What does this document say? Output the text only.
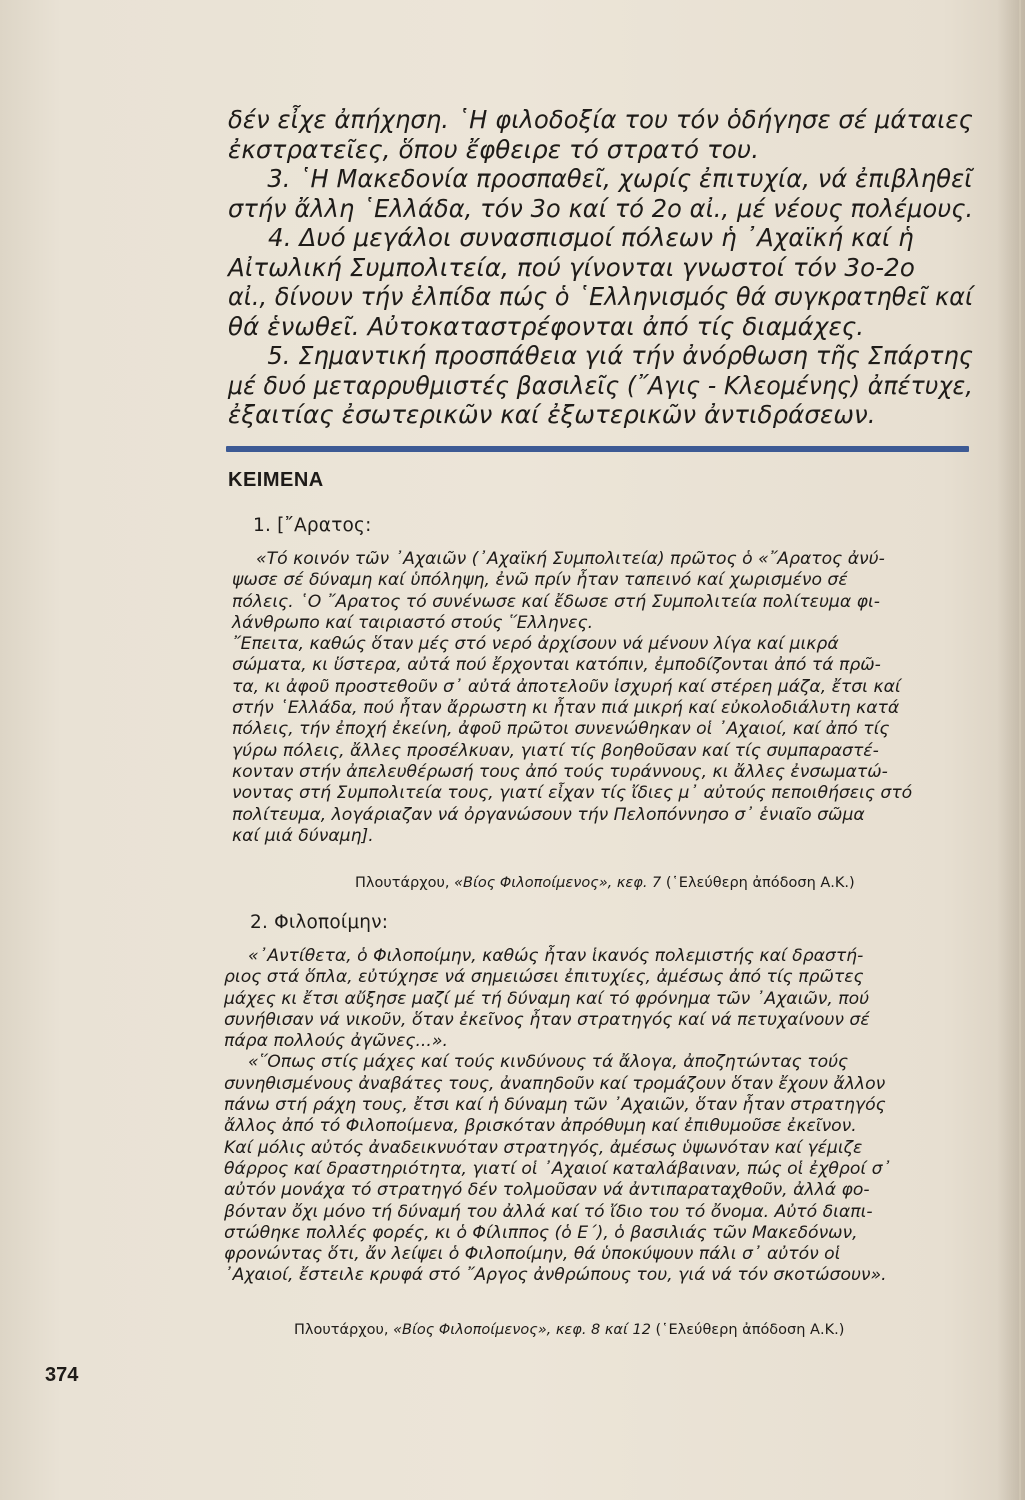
δέν εἶχε ἀπήχηση. ῾Η φιλοδοξία του τόν ὁδήγησε σέ μάταιες

ἐκστρατεῖες, ὅπου ἔφθειρε τό στρατό του.

3. ῾Η Μακεδονία προσπαθεῖ, χωρίς ἐπιτυχία, νά ἐπιβληθεῖ

στήν ἄλλη ῾Ελλάδα, τόν 3ο καί τό 2ο αἰ., μέ νέους πολέμους.

4. Δυό μεγάλοι συνασπισμοί πόλεων ἡ ᾿Αχαϊκή καί ἡ

Αἰτωλική Συμπολιτεία, πού γίνονται γνωστοί τόν 3ο-2ο

αἰ., δίνουν τήν ἐλπίδα πώς ὁ ῾Ελληνισμός θά συγκρατηθεῖ καί

θά ἑνωθεῖ. Αὐτοκαταστρέφονται ἀπό τίς διαμάχες.

5. Σημαντική προσπάθεια γιά τήν ἀνόρθωση τῆς Σπάρτης

μέ δυό μεταρρυθμιστές βασιλεῖς (῎Αγις - Κλεομένης) ἀπέτυχε,

ἐξαιτίας ἐσωτερικῶν καί ἐξωτερικῶν ἀντιδράσεων.

ΚΕΙΜΕΝΑ
1. [῎Αρατος:

«Τό κοινόν τῶν ᾿Αχαιῶν (᾿Αχαϊκή Συμπολιτεία) πρῶτος ὁ «῎Αρατος ἀνύ-

ψωσε σέ δύναμη καί ὑπόληψη, ἐνῶ πρίν ἦταν ταπεινό καί χωρισμένο σέ

πόλεις. ῾Ο ῎Αρατος τό συνένωσε καί ἔδωσε στή Συμπολιτεία πολίτευμα φι-

λάνθρωπο καί ταιριαστό στούς ῞Ελληνες.

῎Επειτα, καθώς ὅταν μές στό νερό ἀρχίσουν νά μένουν λίγα καί μικρά

σώματα, κι ὕστερα, αὐτά πού ἔρχονται κατόπιν, ἐμποδίζονται ἀπό τά πρῶ-

τα, κι ἀφοῦ προστεθοῦν σ᾿ αὐτά ἀποτελοῦν ἰσχυρή καί στέρεη μάζα, ἔτσι καί

στήν ῾Ελλάδα, πού ἦταν ἄρρωστη κι ἦταν πιά μικρή καί εὐκολοδιάλυτη κατά

πόλεις, τήν ἐποχή ἐκείνη, ἀφοῦ πρῶτοι συνενώθηκαν οἱ ᾿Αχαιοί, καί ἀπό τίς

γύρω πόλεις, ἄλλες προσέλκυαν, γιατί τίς βοηθοῦσαν καί τίς συμπαραστέ-

κονταν στήν ἀπελευθέρωσή τους ἀπό τούς τυράννους, κι ἄλλες ἐνσωματώ-

νοντας στή Συμπολιτεία τους, γιατί εἶχαν τίς ἴδιες μ᾿ αὐτούς πεποιθήσεις στό

πολίτευμα, λογάριαζαν νά ὀργανώσουν τήν Πελοπόννησο σ᾿ ἑνιαῖο σῶμα

καί μιά δύναμη].

Πλουτάρχου, «Βίος Φιλοποίμενος», κεφ. 7 (῾Ελεύθερη ἀπόδοση Α.Κ.)
2. Φιλοποίμην:

«᾿Αντίθετα, ὁ Φιλοποίμην, καθώς ἦταν ἱκανός πολεμιστής καί δραστή-

ριος στά ὅπλα, εὐτύχησε νά σημειώσει ἐπιτυχίες, ἀμέσως ἀπό τίς πρῶτες

μάχες κι ἔτσι αὔξησε μαζί μέ τή δύναμη καί τό φρόνημα τῶν ᾿Αχαιῶν, πού

συνήθισαν νά νικοῦν, ὅταν ἐκεῖνος ἦταν στρατηγός καί νά πετυχαίνουν σέ

πάρα πολλούς ἀγῶνες...».

«῞Οπως στίς μάχες καί τούς κινδύνους τά ἄλογα, ἀποζητώντας τούς

συνηθισμένους ἀναβάτες τους, ἀναπηδοῦν καί τρομάζουν ὅταν ἔχουν ἄλλον

πάνω στή ράχη τους, ἔτσι καί ἡ δύναμη τῶν ᾿Αχαιῶν, ὅταν ἦταν στρατηγός

ἄλλος ἀπό τό Φιλοποίμενα, βρισκόταν ἀπρόθυμη καί ἐπιθυμοῦσε ἐκεῖνον.

Καί μόλις αὐτός ἀναδεικνυόταν στρατηγός, ἀμέσως ὑψωνόταν καί γέμιζε

θάρρος καί δραστηριότητα, γιατί οἱ ᾿Αχαιοί καταλάβαιναν, πώς οἱ ἐχθροί σ᾿

αὐτόν μονάχα τό στρατηγό δέν τολμοῦσαν νά ἀντιπαραταχθοῦν, ἀλλά φο-

βόνταν ὄχι μόνο τή δύναμή του ἀλλά καί τό ἴδιο του τό ὄνομα. Αὐτό διαπι-

στώθηκε πολλές φορές, κι ὁ Φίλιππος (ὁ Ε΄), ὁ βασιλιάς τῶν Μακεδόνων,

φρονώντας ὅτι, ἄν λείψει ὁ Φιλοποίμην, θά ὑποκύψουν πάλι σ᾿ αὐτόν οἱ

᾿Αχαιοί, ἔστειλε κρυφά στό ῎Αργος ἀνθρώπους του, γιά νά τόν σκοτώσουν».

Πλουτάρχου, «Βίος Φιλοποίμενος», κεφ. 8 καί 12 (῾Ελεύθερη ἀπόδοση Α.Κ.)
374
